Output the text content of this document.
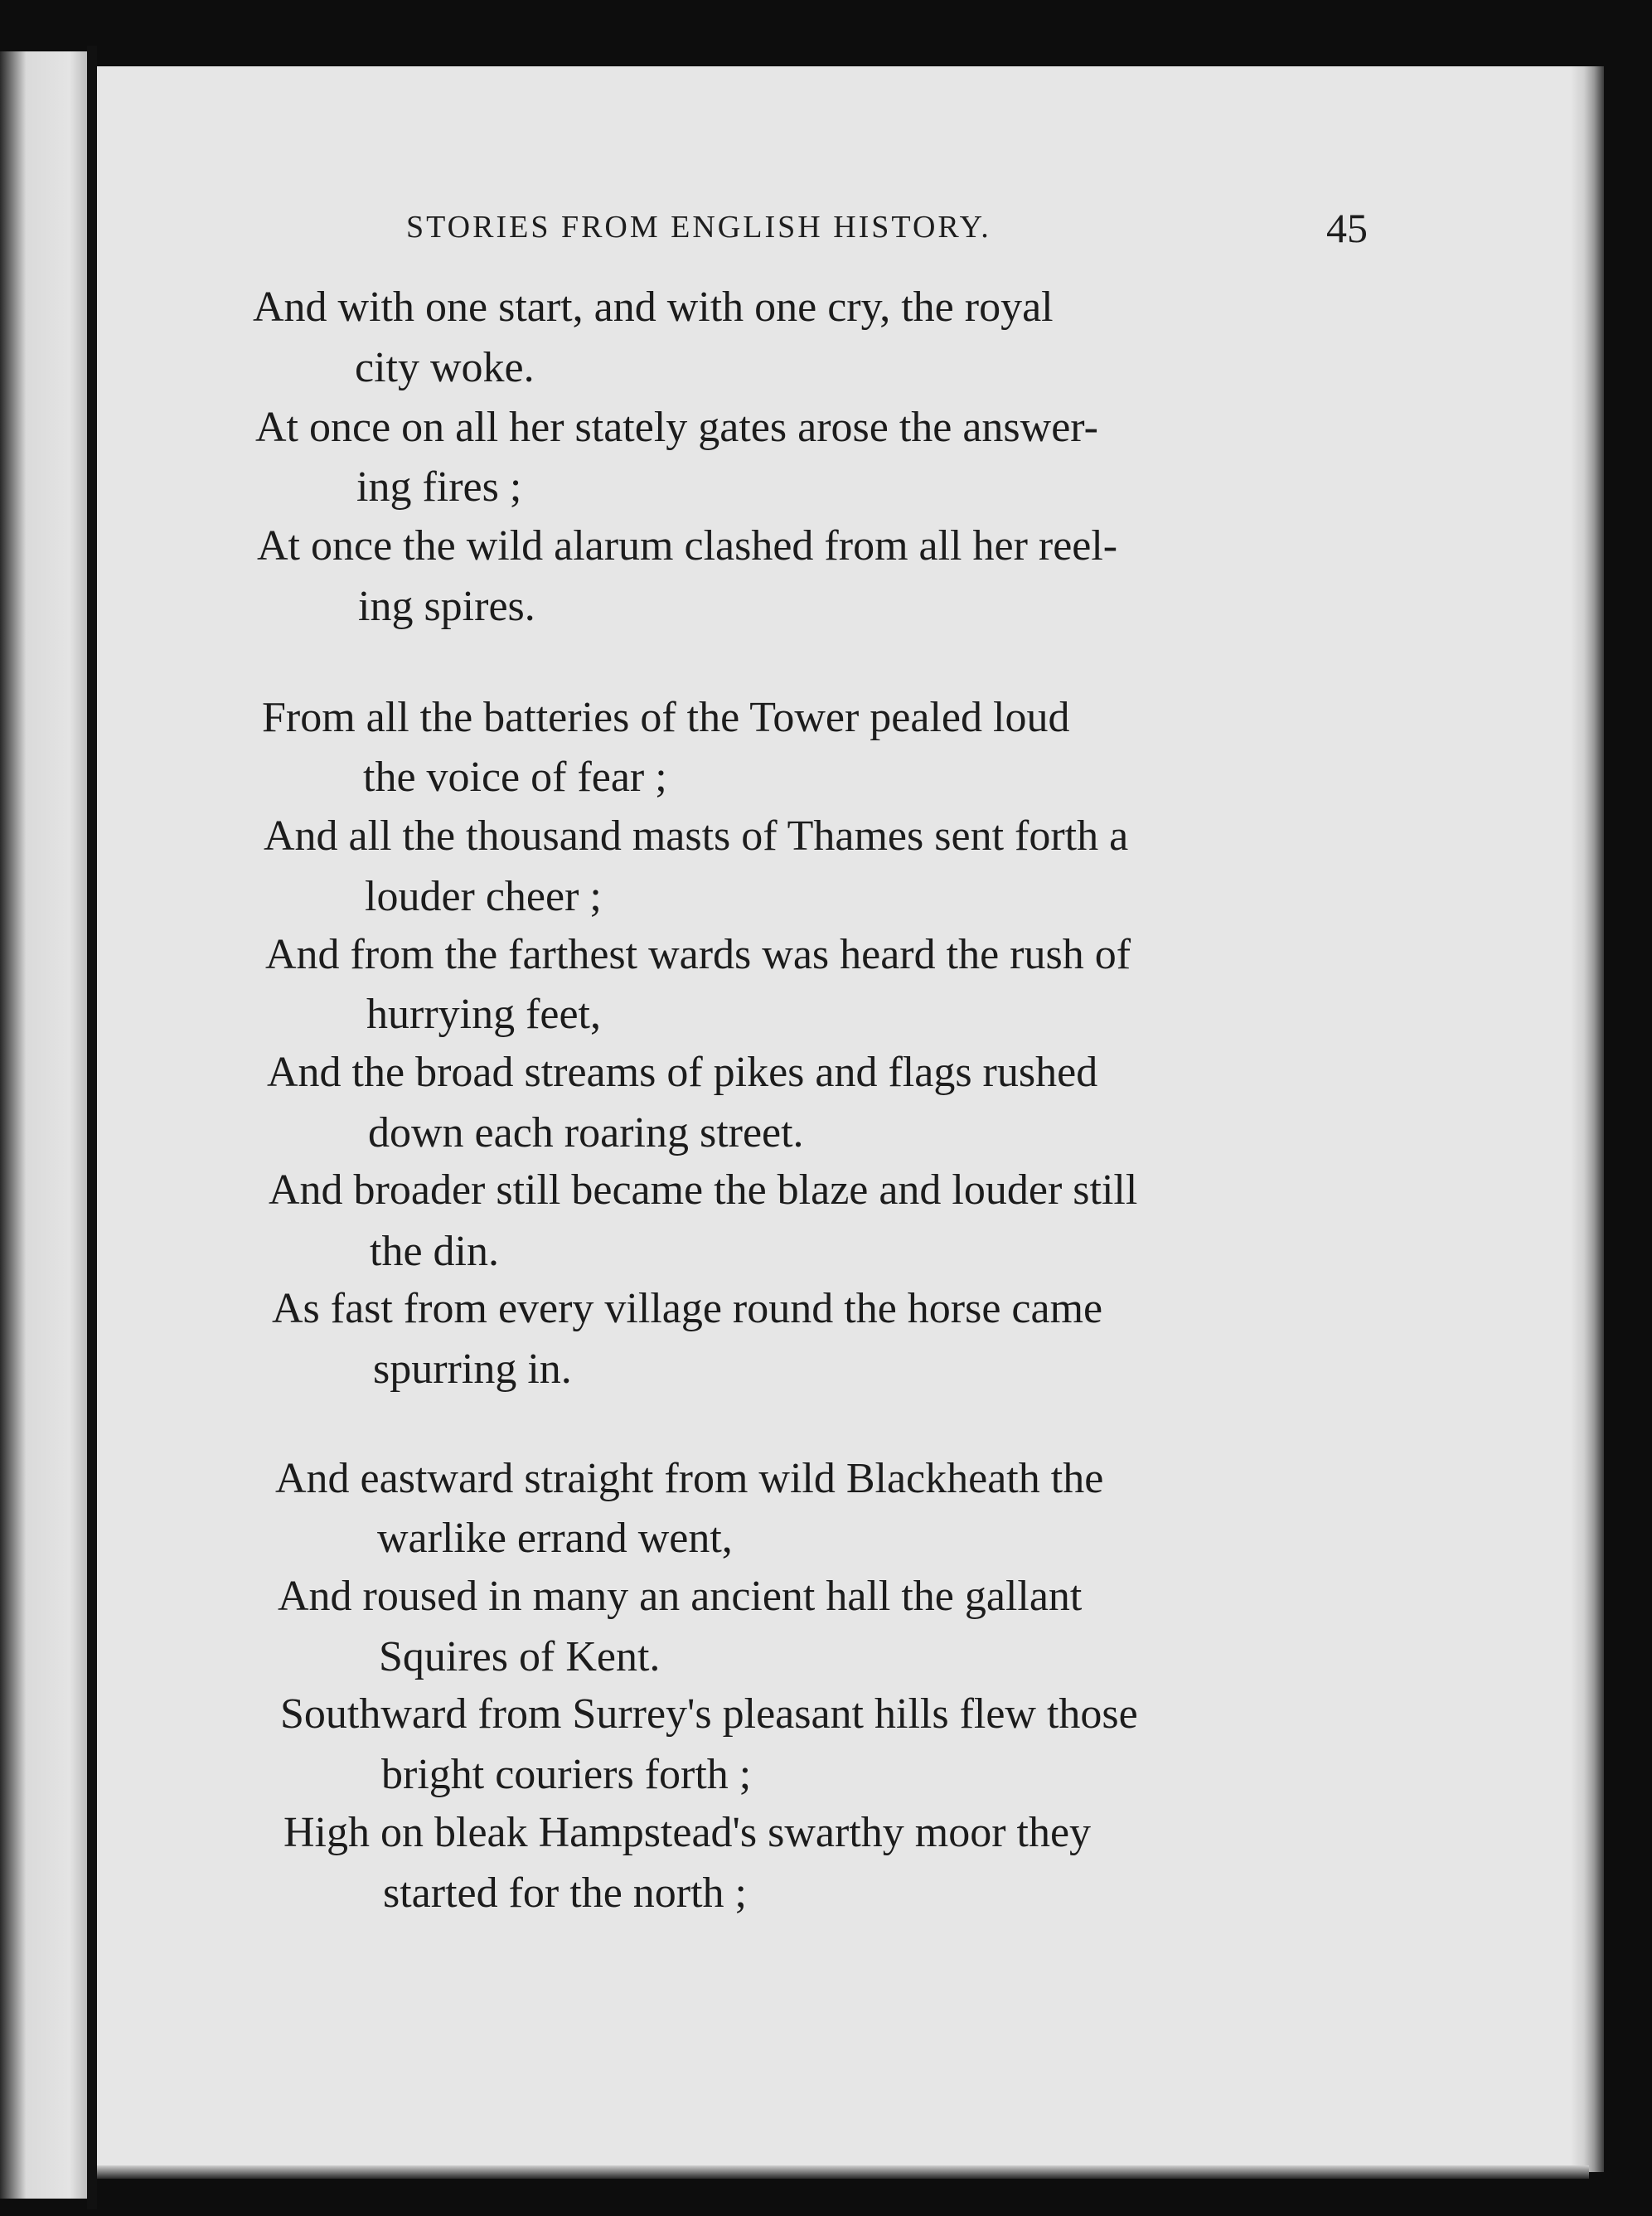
STORIES FROM ENGLISH HISTORY.	45
And with one start, and with one cry, the royal
city woke.
At once on all her stately gates arose the answer-
ing fires ;
At once the wild alarum clashed from all her reel-
ing spires.
From all the batteries of the Tower pealed loud
the voice of fear ;
And all the thousand masts of Thames sent forth a
louder cheer ;
And from the farthest wards was heard the rush of
hurrying feet,
And the broad streams of pikes and flags rushed
down each roaring street.
And broader still became the blaze and louder still
the din.
As fast from every village round the horse came
spurring in.
And eastward straight from wild Blackheath the
warlike errand went,
And roused in many an ancient hall the gallant
Squires of Kent.
Southward from Surrey's pleasant hills flew those
bright couriers forth ;
High on bleak Hampstead's swarthy moor they
started for the north ;
